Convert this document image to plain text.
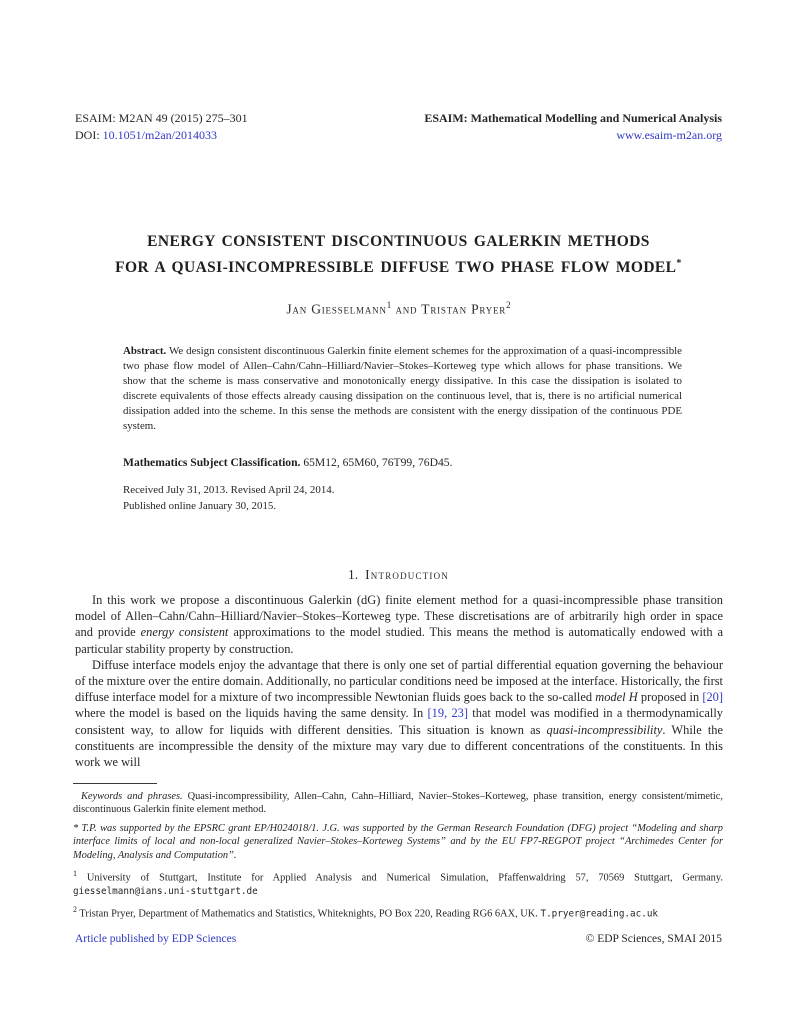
ESAIM: M2AN 49 (2015) 275–301
DOI: 10.1051/m2an/2014033
ESAIM: Mathematical Modelling and Numerical Analysis
www.esaim-m2an.org
ENERGY CONSISTENT DISCONTINUOUS GALERKIN METHODS
FOR A QUASI-INCOMPRESSIBLE DIFFUSE TWO PHASE FLOW MODEL*
Jan Giesselmann$^1$ and Tristan Pryer$^2$
Abstract. We design consistent discontinuous Galerkin finite element schemes for the approximation of a quasi-incompressible two phase flow model of Allen–Cahn/Cahn–Hilliard/Navier–Stokes–Korteweg type which allows for phase transitions. We show that the scheme is mass conservative and monotonically energy dissipative. In this case the dissipation is isolated to discrete equivalents of those effects already causing dissipation on the continuous level, that is, there is no artificial numerical dissipation added into the scheme. In this sense the methods are consistent with the energy dissipation of the continuous PDE system.
Mathematics Subject Classification. 65M12, 65M60, 76T99, 76D45.
Received July 31, 2013. Revised April 24, 2014.
Published online January 30, 2015.
1. Introduction

In this work we propose a discontinuous Galerkin (dG) finite element method for a quasi-incompressible phase transition model of Allen–Cahn/Cahn–Hilliard/Navier–Stokes–Korteweg type. These discretisations are of arbitrarily high order in space and provide energy consistent approximations to the model studied. This means the method is automatically endowed with a particular stability property by construction.

Diffuse interface models enjoy the advantage that there is only one set of partial differential equation governing the behaviour of the mixture over the entire domain. Additionally, no particular conditions need be imposed at the interface. Historically, the first diffuse interface model for a mixture of two incompressible Newtonian fluids goes back to the so-called model H proposed in [20] where the model is based on the liquids having the same density. In [19, 23] that model was modified in a thermodynamically consistent way, to allow for liquids with different densities. This situation is known as quasi-incompressibility. While the constituents are incompressible the density of the mixture may vary due to different concentrations of the constituents. In this work we will

Keywords and phrases. Quasi-incompressibility, Allen–Cahn, Cahn–Hilliard, Navier–Stokes–Korteweg, phase transition, energy consistent/mimetic, discontinuous Galerkin finite element method.

* T.P. was supported by the EPSRC grant EP/H024018/1. J.G. was supported by the German Research Foundation (DFG) project “Modeling and sharp interface limits of local and non-local generalized Navier–Stokes–Korteweg Systems” and by the EU FP7-REGPOT project “Archimedes Center for Modeling, Analysis and Computation”.

$^1$ University of Stuttgart, Institute for Applied Analysis and Numerical Simulation, Pfaffenwaldring 57, 70569 Stuttgart, Germany. giesselmann@ians.uni-stuttgart.de

$^2$ Tristan Pryer, Department of Mathematics and Statistics, Whiteknights, PO Box 220, Reading RG6 6AX, UK. T.pryer@reading.ac.uk

Article published by EDP Sciences	© EDP Sciences, SMAI 2015
